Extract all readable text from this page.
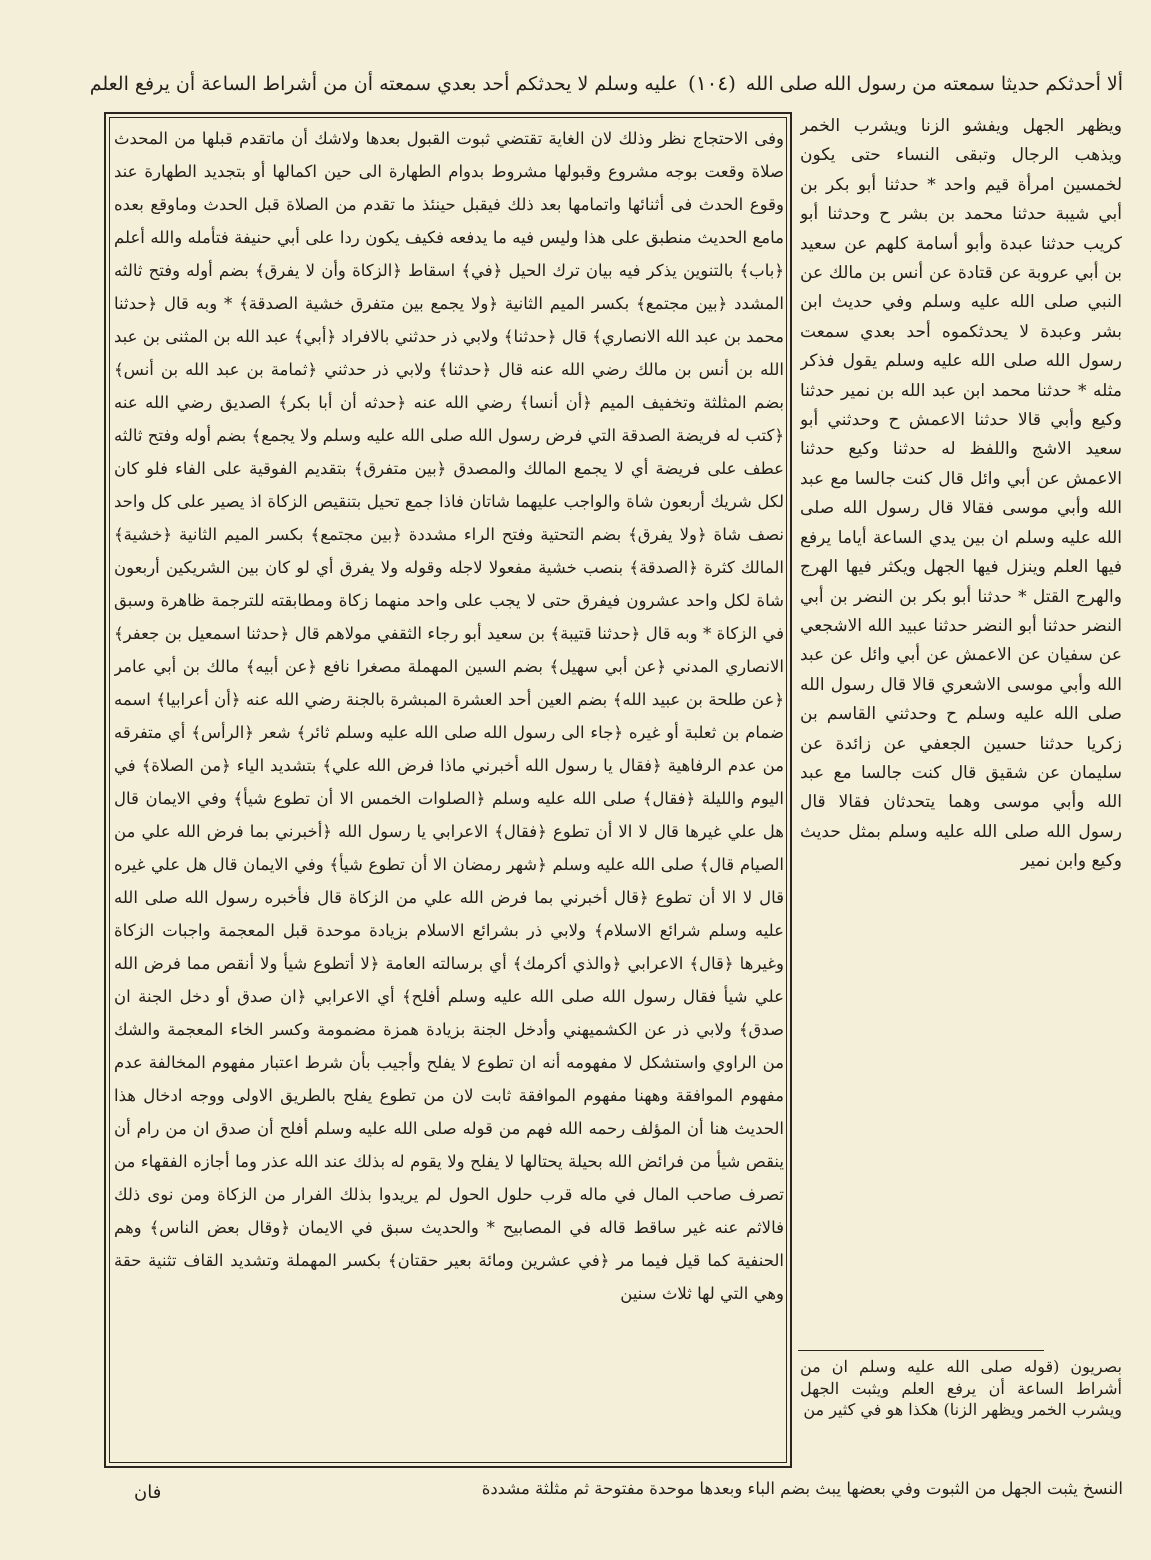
ألا أحدثكم حديثا سمعته من رسول الله صلى الله (١٠٤) عليه وسلم لا يحدثكم أحد بعدي سمعته أن من أشراط الساعة أن يرفع العلم

وفى الاحتجاج نظر وذلك لان الغاية تقتضي ثبوت القبول بعدها ولاشك أن ماتقدم قبلها من المحدث صلاة وقعت بوجه مشروع وقبولها مشروط بدوام الطهارة الى حين اكمالها أو بتجديد الطهارة عند وقوع الحدث فى أثنائها واتمامها بعد ذلك فيقبل حينئذ ما تقدم من الصلاة قبل الحدث وماوقع بعده مامع الحديث منطبق على هذا وليس فيه ما يدفعه فكيف يكون ردا على أبي حنيفة فتأمله والله أعلم ﴿باب﴾ بالتنوين يذكر فيه بيان ترك الحيل ﴿في﴾ اسقاط ﴿الزكاة وأن لا يفرق﴾ بضم أوله وفتح ثالثه المشدد ﴿بين مجتمع﴾ بكسر الميم الثانية ﴿ولا يجمع بين متفرق خشية الصدقة﴾ * وبه قال ﴿حدثنا محمد بن عبد الله الانصاري﴾ قال ﴿حدثنا﴾ ولابي ذر حدثني بالافراد ﴿أبي﴾ عبد الله بن المثنى بن عبد الله بن أنس بن مالك رضي الله عنه قال ﴿حدثنا﴾ ولابي ذر حدثني ﴿ثمامة بن عبد الله بن أنس﴾ بضم المثلثة وتخفيف الميم ﴿أن أنسا﴾ رضي الله عنه ﴿حدثه أن أبا بكر﴾ الصديق رضي الله عنه ﴿كتب له فريضة الصدقة التي فرض رسول الله صلى الله عليه وسلم ولا يجمع﴾ بضم أوله وفتح ثالثه عطف على فريضة أي لا يجمع المالك والمصدق ﴿بين متفرق﴾ بتقديم الفوقية على الفاء فلو كان لكل شريك أربعون شاة والواجب عليهما شاتان فاذا جمع تحيل بتنقيص الزكاة اذ يصير على كل واحد نصف شاة ﴿ولا يفرق﴾ بضم التحتية وفتح الراء مشددة ﴿بين مجتمع﴾ بكسر الميم الثانية ﴿خشية﴾ المالك كثرة ﴿الصدقة﴾ بنصب خشية مفعولا لاجله وقوله ولا يفرق أي لو كان بين الشريكين أربعون شاة لكل واحد عشرون فيفرق حتى لا يجب على واحد منهما زكاة ومطابقته للترجمة ظاهرة وسبق في الزكاة * وبه قال ﴿حدثنا قتيبة﴾ بن سعيد أبو رجاء الثقفي مولاهم قال ﴿حدثنا اسمعيل بن جعفر﴾ الانصاري المدني ﴿عن أبي سهيل﴾ بضم السين المهملة مصغرا نافع ﴿عن أبيه﴾ مالك بن أبي عامر ﴿عن طلحة بن عبيد الله﴾ بضم العين أحد العشرة المبشرة بالجنة رضي الله عنه ﴿أن أعرابيا﴾ اسمه ضمام بن ثعلبة أو غيره ﴿جاء الى رسول الله صلى الله عليه وسلم ثائر﴾ شعر ﴿الرأس﴾ أي متفرقه من عدم الرفاهية ﴿فقال يا رسول الله أخبرني ماذا فرض الله علي﴾ بتشديد الياء ﴿من الصلاة﴾ في اليوم والليلة ﴿فقال﴾ صلى الله عليه وسلم ﴿الصلوات الخمس الا أن تطوع شيأ﴾ وفي الايمان قال هل علي غيرها قال لا الا أن تطوع ﴿فقال﴾ الاعرابي يا رسول الله ﴿أخبرني بما فرض الله علي من الصيام قال﴾ صلى الله عليه وسلم ﴿شهر رمضان الا أن تطوع شيأ﴾ وفي الايمان قال هل علي غيره قال لا الا أن تطوع ﴿قال أخبرني بما فرض الله علي من الزكاة قال فأخبره رسول الله صلى الله عليه وسلم شرائع الاسلام﴾ ولابي ذر بشرائع الاسلام بزيادة موحدة قبل المعجمة واجبات الزكاة وغيرها ﴿قال﴾ الاعرابي ﴿والذي أكرمك﴾ أي برسالته العامة ﴿لا أتطوع شيأ ولا أنقص مما فرض الله علي شيأ فقال رسول الله صلى الله عليه وسلم أفلح﴾ أي الاعرابي ﴿ان صدق أو دخل الجنة ان صدق﴾ ولابي ذر عن الكشميهني وأدخل الجنة بزيادة همزة مضمومة وكسر الخاء المعجمة والشك من الراوي واستشكل لا مفهومه أنه ان تطوع لا يفلح وأجيب بأن شرط اعتبار مفهوم المخالفة عدم مفهوم الموافقة وههنا مفهوم الموافقة ثابت لان من تطوع يفلح بالطريق الاولى ووجه ادخال هذا الحديث هنا أن المؤلف رحمه الله فهم من قوله صلى الله عليه وسلم أفلح أن صدق ان من رام أن ينقص شيأ من فرائض الله بحيلة يحتالها لا يفلح ولا يقوم له بذلك عند الله عذر وما أجازه الفقهاء من تصرف صاحب المال في ماله قرب حلول الحول لم يريدوا بذلك الفرار من الزكاة ومن نوى ذلك فالاثم عنه غير ساقط قاله في المصابيح * والحديث سبق في الايمان ﴿وقال بعض الناس﴾ وهم الحنفية كما قيل فيما مر ﴿في عشرين ومائة بعير حقتان﴾ بكسر المهملة وتشديد القاف تثنية حقة وهي التي لها ثلاث سنين

ويظهر الجهل ويفشو الزنا ويشرب الخمر ويذهب الرجال وتبقى النساء حتى يكون لخمسين امرأة قيم واحد * حدثنا أبو بكر بن أبي شيبة حدثنا محمد بن بشر ح وحدثنا أبو كريب حدثنا عبدة وأبو أسامة كلهم عن سعيد بن أبي عروبة عن قتادة عن أنس بن مالك عن النبي صلى الله عليه وسلم وفي حديث ابن بشر وعبدة لا يحدثكموه أحد بعدي سمعت رسول الله صلى الله عليه وسلم يقول فذكر مثله * حدثنا محمد ابن عبد الله بن نمير حدثنا وكيع وأبي قالا حدثنا الاعمش ح وحدثني أبو سعيد الاشج واللفظ له حدثنا وكيع حدثنا الاعمش عن أبي وائل قال كنت جالسا مع عبد الله وأبي موسى فقالا قال رسول الله صلى الله عليه وسلم ان بين يدي الساعة أياما يرفع فيها العلم وينزل فيها الجهل ويكثر فيها الهرج والهرج القتل * حدثنا أبو بكر بن النضر بن أبي النضر حدثنا أبو النضر حدثنا عبيد الله الاشجعي عن سفيان عن الاعمش عن أبي وائل عن عبد الله وأبي موسى الاشعري قالا قال رسول الله صلى الله عليه وسلم ح وحدثني القاسم بن زكريا حدثنا حسين الجعفي عن زائدة عن سليمان عن شقيق قال كنت جالسا مع عبد الله وأبي موسى وهما يتحدثان فقالا قال رسول الله صلى الله عليه وسلم بمثل حديث وكيع وابن نمير

بصريون (قوله صلى الله عليه وسلم ان من أشراط الساعة أن يرفع العلم ويثبت الجهل ويشرب الخمر ويظهر الزنا) هكذا هو في كثير من

النسخ يثبت الجهل من الثبوت وفي بعضها يبث بضم الباء وبعدها موحدة مفتوحة ثم مثلثة مشددة
فان
